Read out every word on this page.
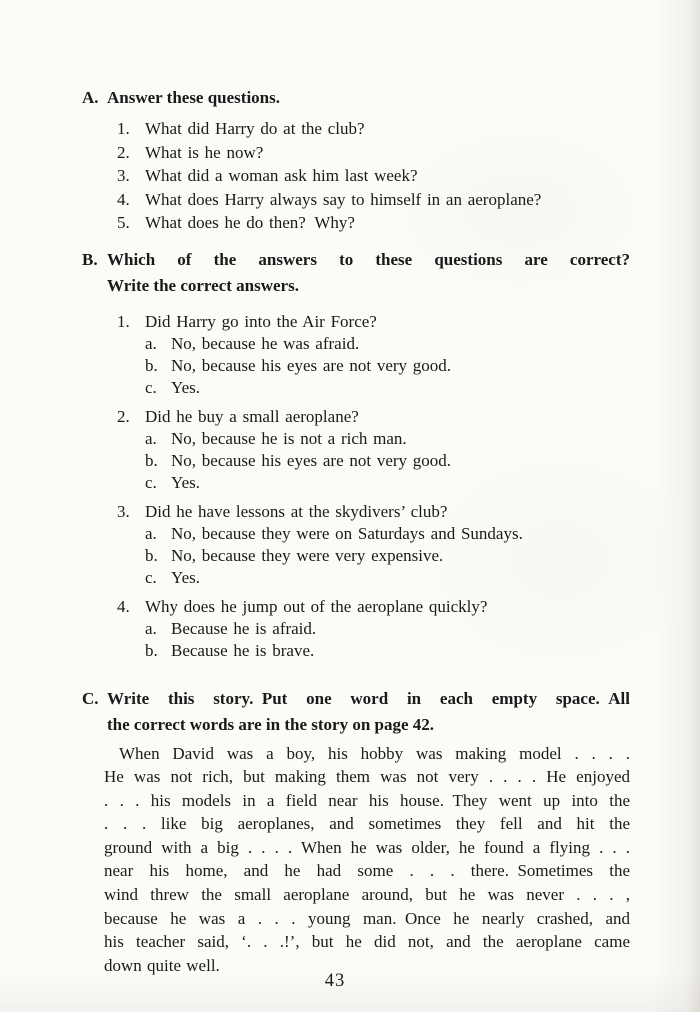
A. Answer these questions.
1. What did Harry do at the club?
2. What is he now?
3. What did a woman ask him last week?
4. What does Harry always say to himself in an aeroplane?
5. What does he do then? Why?
B. Which of the answers to these questions are correct?
Write the correct answers.
1. Did Harry go into the Air Force?
a. No, because he was afraid.
b. No, because his eyes are not very good.
c. Yes.
2. Did he buy a small aeroplane?
a. No, because he is not a rich man.
b. No, because his eyes are not very good.
c. Yes.
3. Did he have lessons at the skydivers’ club?
a. No, because they were on Saturdays and Sundays.
b. No, because they were very expensive.
c. Yes.
4. Why does he jump out of the aeroplane quickly?
a. Because he is afraid.
b. Because he is brave.
C. Write this story. Put one word in each empty space. All
the correct words are in the story on page 42.
When David was a boy, his hobby was making model . . . .
He was not rich, but making them was not very . . . . He enjoyed
. . . his models in a field near his house. They went up into the
. . . like big aeroplanes, and sometimes they fell and hit the
ground with a big . . . . When he was older, he found a flying . . .
near his home, and he had some . . . there. Sometimes the
wind threw the small aeroplane around, but he was never . . . ,
because he was a . . . young man. Once he nearly crashed, and
his teacher said, ‘. . .!’, but he did not, and the aeroplane came
down quite well.
43
